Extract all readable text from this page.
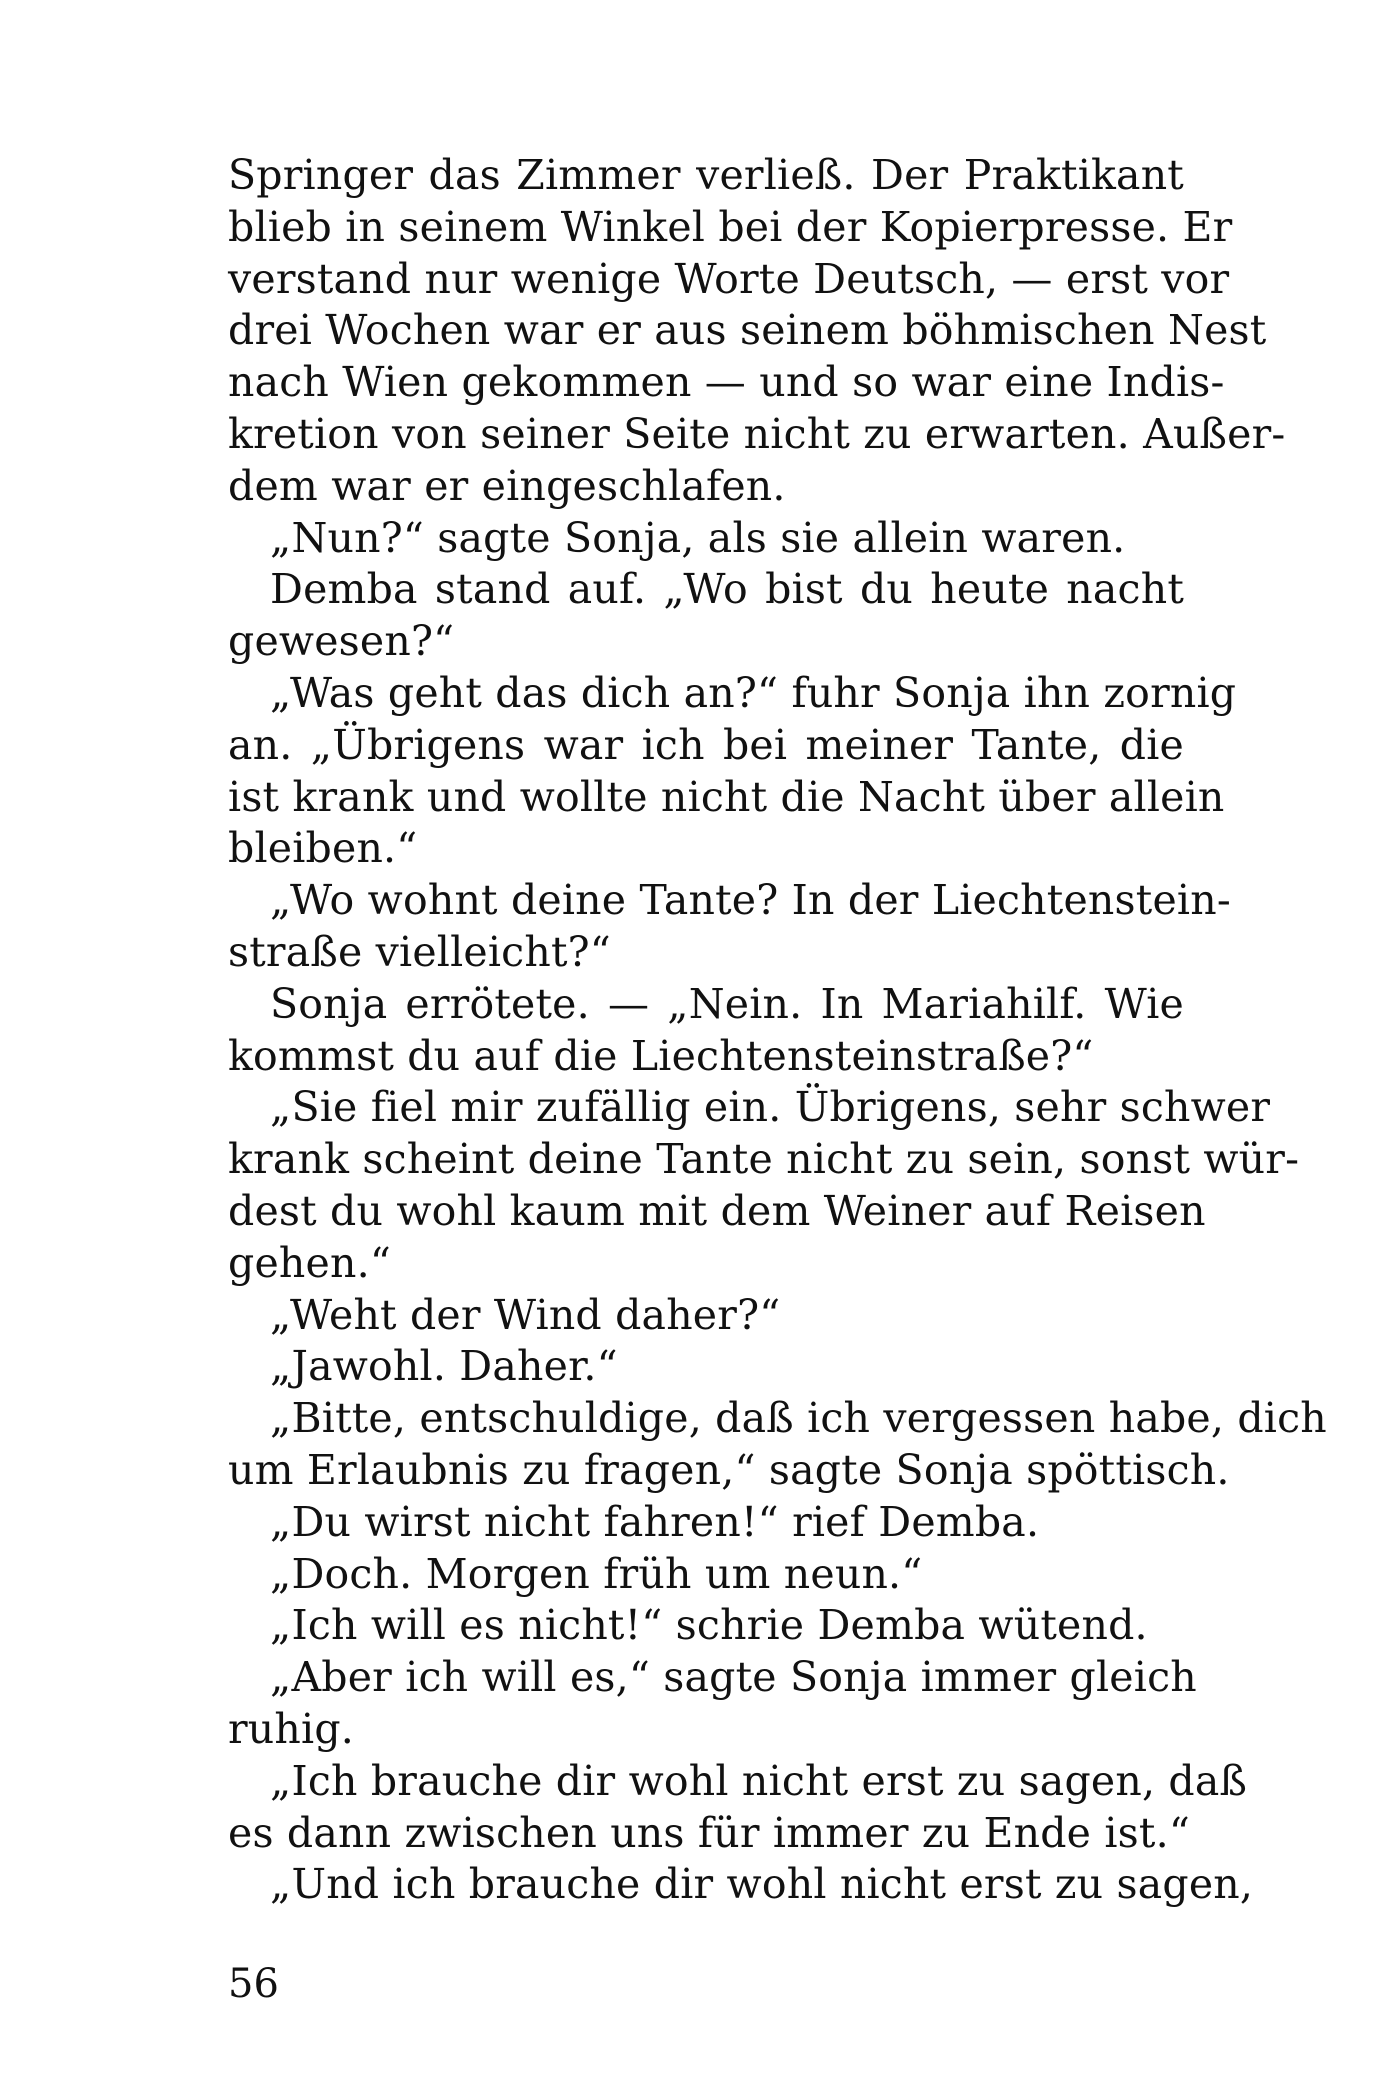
Springer das Zimmer verließ. Der Praktikant
blieb in seinem Winkel bei der Kopierpresse. Er
verstand nur wenige Worte Deutsch, — erst vor
drei Wochen war er aus seinem böhmischen Nest
nach Wien gekommen — und so war eine Indis-
kretion von seiner Seite nicht zu erwarten. Außer-
dem war er eingeschlafen.
„Nun?“ sagte Sonja, als sie allein waren.
Demba stand auf. „Wo bist du heute nacht
gewesen?“
„Was geht das dich an?“ fuhr Sonja ihn zornig
an. „Übrigens war ich bei meiner Tante, die
ist krank und wollte nicht die Nacht über allein
bleiben.“
„Wo wohnt deine Tante? In der Liechtenstein-
straße vielleicht?“
Sonja errötete. — „Nein. In Mariahilf. Wie
kommst du auf die Liechtensteinstraße?“
„Sie fiel mir zufällig ein. Übrigens, sehr schwer
krank scheint deine Tante nicht zu sein, sonst wür-
dest du wohl kaum mit dem Weiner auf Reisen
gehen.“
„Weht der Wind daher?“
„Jawohl. Daher.“
„Bitte, entschuldige, daß ich vergessen habe, dich
um Erlaubnis zu fragen,“ sagte Sonja spöttisch.
„Du wirst nicht fahren!“ rief Demba.
„Doch. Morgen früh um neun.“
„Ich will es nicht!“ schrie Demba wütend.
„Aber ich will es,“ sagte Sonja immer gleich
ruhig.
„Ich brauche dir wohl nicht erst zu sagen, daß
es dann zwischen uns für immer zu Ende ist.“
„Und ich brauche dir wohl nicht erst zu sagen,
56
